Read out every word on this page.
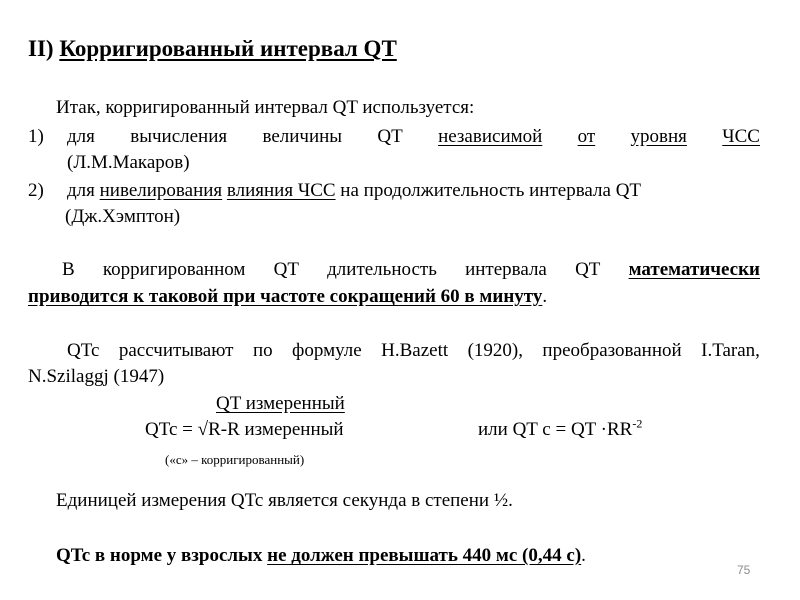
II) Корригированный интервал QT
Итак, корригированный интервал QT используется:
1) для вычисления величины QT независимой от уровня ЧСС
(Л.М.Макаров)
2) для нивелирования влияния ЧСС на продолжительность интервала QT
(Дж.Хэмптон)
В корригированном QT длительность интервала QT математически
приводится к таковой при частоте сокращений 60 в минуту.
QTc рассчитывают по формуле H.Bazett (1920), преобразованной I.Taran,
N.Szilaggj (1947)
QT измеренный
QTc = √R-R измеренный	или QT c = QT $\cdot RR^{-2}$
(«c» – корригированный)
Единицей измерения QTc является секунда в степени ½.
QTc в норме у взрослых не должен превышать 440 мс (0,44 с).
75
